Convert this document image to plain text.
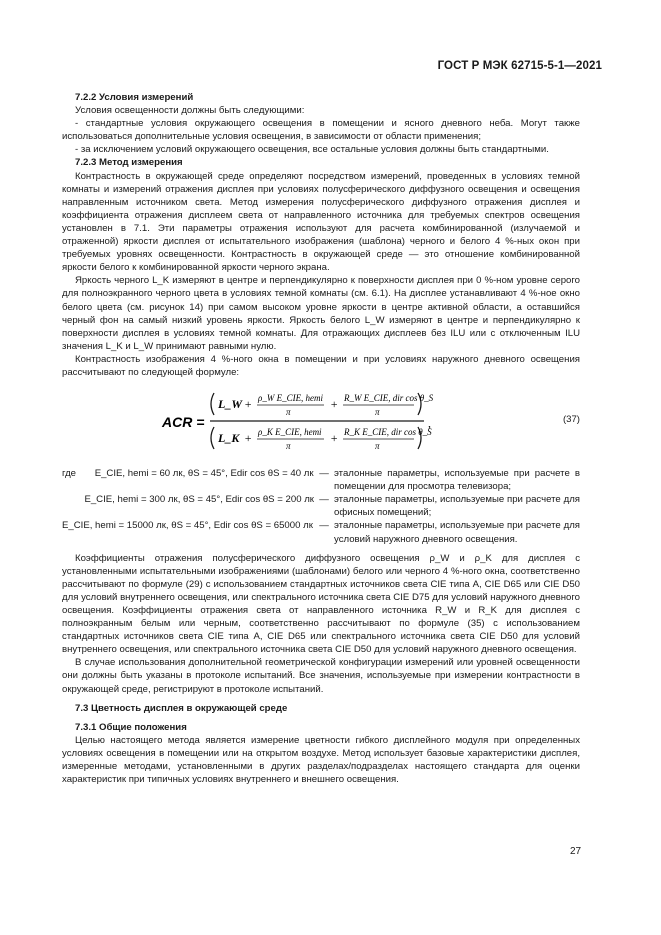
ГОСТ Р МЭК 62715-5-1—2021

7.2.2 Условия измерений

Условия освещенности должны быть следующими:

- стандартные условия окружающего освещения в помещении и ясного дневного неба. Могут также использоваться дополнительные условия освещения, в зависимости от области применения;

- за исключением условий окружающего освещения, все остальные условия должны быть стандартными.

7.2.3 Метод измерения

Контрастность в окружающей среде определяют посредством измерений, проведенных в условиях темной комнаты и измерений отражения дисплея при условиях полусферического диффузного освещения и освещения направленным источником света. Метод измерения полусферического диффузного отражения дисплея и коэффициента отражения дисплеем света от направленного источника для требуемых спектров освещения установлен в 7.1. Эти параметры отражения используют для расчета комбинированной (излучаемой и отраженной) яркости дисплея от испытательного изображения (шаблона) черного и белого 4 %-ных окон при требуемых уровнях освещенности. Контрастность в окружающей среде — это отношение комбинированной яркости белого к комбинированной яркости черного экрана.

Яркость черного L_K измеряют в центре и перпендикулярно к поверхности дисплея при 0 %-ном уровне серого для полноэкранного черного цвета в условиях темной комнаты (см. 6.1). На дисплее устанавливают 4 %-ное окно белого цвета (см. рисунок 14) при самом высоком уровне яркости в центре активной области, а оставшийся черный фон на самый низкий уровень яркости. Яркость белого L_W измеряют в центре и перпендикулярно к поверхности дисплея в условиях темной комнаты. Для отражающих дисплеев без ILU или с отключенным ILU значения L_K и L_W принимают равными нулю.

Контрастность изображения 4 %-ного окна в помещении и при условиях наружного дневного освещения рассчитывают по следующей формуле:

ACR =
L_W + ρ_W E_CIE, hemi
π
+ R_W E_CIE, dir cos θ_S
π
L_K + ρ_K E_CIE, hemi
π
+ R_K E_CIE, dir cos θ_S
π
,	(37)
где E_CIE, hemi = 60 лк, θS = 45°, Edir cos θS = 40 лк — эталонные параметры, используемые при расчете в помещении для просмотра телевизора;
E_CIE, hemi = 300 лк, θS = 45°, Edir cos θS = 200 лк — эталонные параметры, используемые при расчете для офисных помещений;
E_CIE, hemi = 15000 лк, θS = 45°, Edir cos θS = 65000 лк — эталонные параметры, используемые при расчете для условий наружного дневного освещения.

Коэффициенты отражения полусферического диффузного освещения ρ_W и ρ_K для дисплея с установленными испытательными изображениями (шаблонами) белого или черного 4 %-ного окна, соответственно рассчитывают по формуле (29) с использованием стандартных источников света CIE типа A, CIE D65 или CIE D50 для условий внутреннего освещения, или спектрального источника света CIE D75 для условий наружного дневного освещения. Коэффициенты отражения света от направленного источника R_W и R_K для дисплея с полноэкранным белым или черным, соответственно рассчитывают по формуле (35) с использованием стандартных источников света CIE типа A, CIE D65 или спектрального источника света CIE D50 для условий внутреннего освещения, или спектрального источника света CIE D50 для условий наружного дневного освещения.

В случае использования дополнительной геометрической конфигурации измерений или уровней освещенности они должны быть указаны в протоколе испытаний. Все значения, используемые при измерении контрастности в окружающей среде, регистрируют в протоколе испытаний.

7.3 Цветность дисплея в окружающей среде

7.3.1 Общие положения

Целью настоящего метода является измерение цветности гибкого дисплейного модуля при определенных условиях освещения в помещении или на открытом воздухе. Метод использует базовые характеристики дисплея, измеренные методами, установленными в других разделах/подразделах настоящего стандарта для оценки характеристик при типичных условиях внутреннего и внешнего освещения.

27
